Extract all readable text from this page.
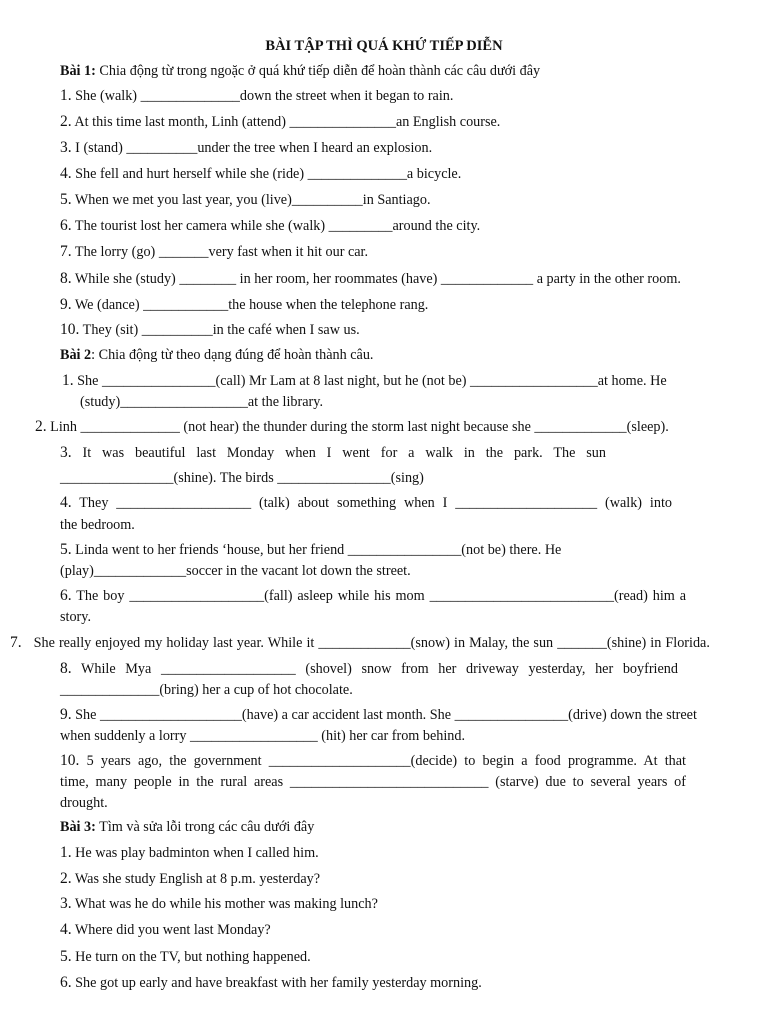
BÀI TẬP THÌ QUÁ KHỨ TIẾP DIỄN
Bài 1: Chia động từ trong ngoặc ở quá khứ tiếp diễn để hoàn thành các câu dưới đây
1. She (walk) ______________down the street when it began to rain.
2. At this time last month, Linh (attend) _______________an English course.
3. I (stand) __________under the tree when I heard an explosion.
4. She fell and hurt herself while she (ride) ______________a bicycle.
5. When we met you last year, you (live)__________in Santiago.
6. The tourist lost her camera while she (walk) _________around the city.
7. The lorry (go) _______very fast when it hit our car.
8. While she (study) ________ in her room, her roommates (have) _____________ a party in the other room.
9. We (dance) ____________the house when the telephone rang.
10. They (sit) __________in the café when I saw us.
Bài 2: Chia động từ theo dạng đúng để hoàn thành câu.
1. She ________________(call) Mr Lam at 8 last night, but he (not be) __________________at home. He
(study)__________________at the library.
2. Linh ______________ (not hear) the thunder during the storm last night because she _____________(sleep).
3. It was beautiful last Monday when I went for a walk in the park. The sun
________________(shine). The birds ________________(sing)
4. They ___________________ (talk) about something when I ____________________ (walk) into
the bedroom.
5. Linda went to her friends ‘house, but her friend ________________(not be) there. He
(play)_____________soccer in the vacant lot down the street.
6. The boy ___________________(fall) asleep while his mom __________________________(read) him a
story.
7. She really enjoyed my holiday last year. While it _____________(snow) in Malay, the sun _______(shine) in Florida.
8. While Mya ___________________ (shovel) snow from her driveway yesterday, her boyfriend
______________(bring) her a cup of hot chocolate.
9. She ____________________(have) a car accident last month. She ________________(drive) down the street
when suddenly a lorry __________________ (hit) her car from behind.
10. 5 years ago, the government ____________________(decide) to begin a food programme. At that
time, many people in the rural areas ____________________________ (starve) due to several years of
drought.
Bài 3: Tìm và sửa lỗi trong các câu dưới đây
1. He was play badminton when I called him.
2. Was she study English at 8 p.m. yesterday?
3. What was he do while his mother was making lunch?
4. Where did you went last Monday?
5. He turn on the TV, but nothing happened.
6. She got up early and have breakfast with her family yesterday morning.
